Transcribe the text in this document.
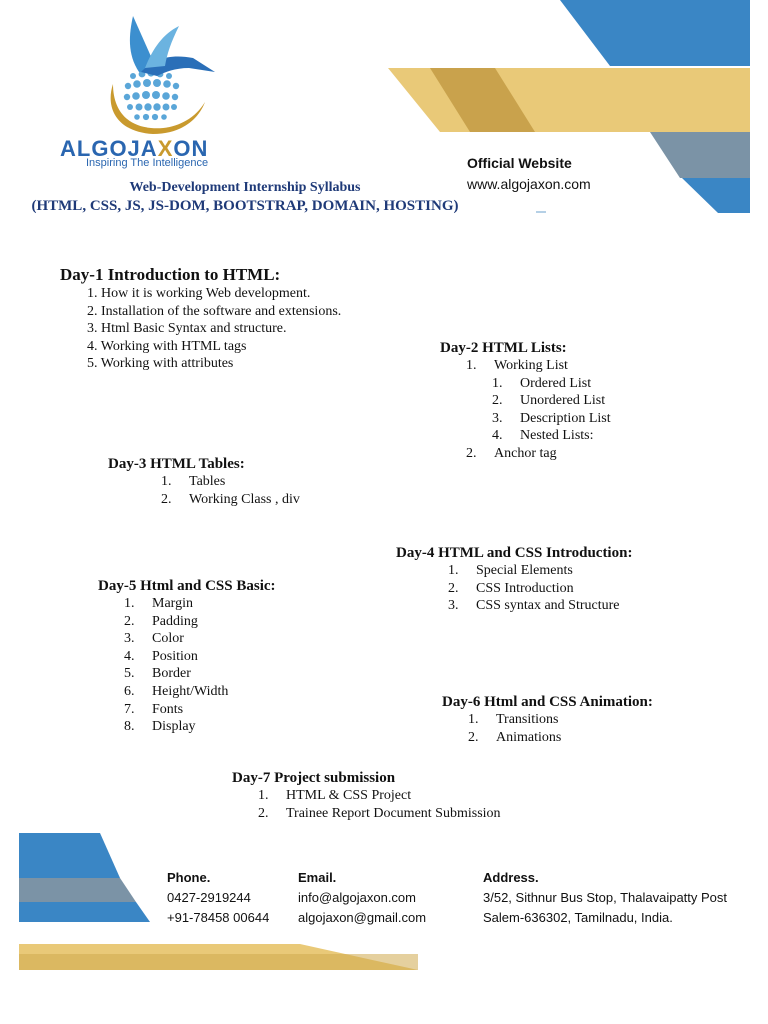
ALGOJAXON
Inspiring The Intelligence	Official Website
www.algojaxon.com
Web-Development Internship Syllabus
(HTML, CSS, JS, JS-DOM, BOOTSTRAP, DOMAIN, HOSTING)
Day-1 Introduction to HTML:
1. How it is working Web development.
2. Installation of the software and extensions.
3. Html Basic Syntax and structure.
4. Working with HTML tags
5. Working with attributes
Day-2 HTML Lists:
1. Working List
1. Ordered List
2. Unordered List
3. Description List
4. Nested Lists:
2. Anchor tag
Day-3 HTML Tables:
1. Tables
2. Working Class , div
Day-4 HTML and CSS Introduction:
1. Special Elements
2. CSS Introduction
3. CSS syntax and Structure
Day-5 Html and CSS Basic:
1. Margin
2. Padding
3. Color
4. Position
5. Border
6. Height/Width
7. Fonts
8. Display
Day-6 Html and CSS Animation:
1. Transitions
2. Animations
Day-7 Project submission
1. HTML & CSS Project
2. Trainee Report Document Submission
Phone.
0427-2919244
+91-78458 00644
Email.
info@algojaxon.com
algojaxon@gmail.com
Address.
3/52, Sithnur Bus Stop, Thalavaipatty Post
Salem-636302, Tamilnadu, India.
